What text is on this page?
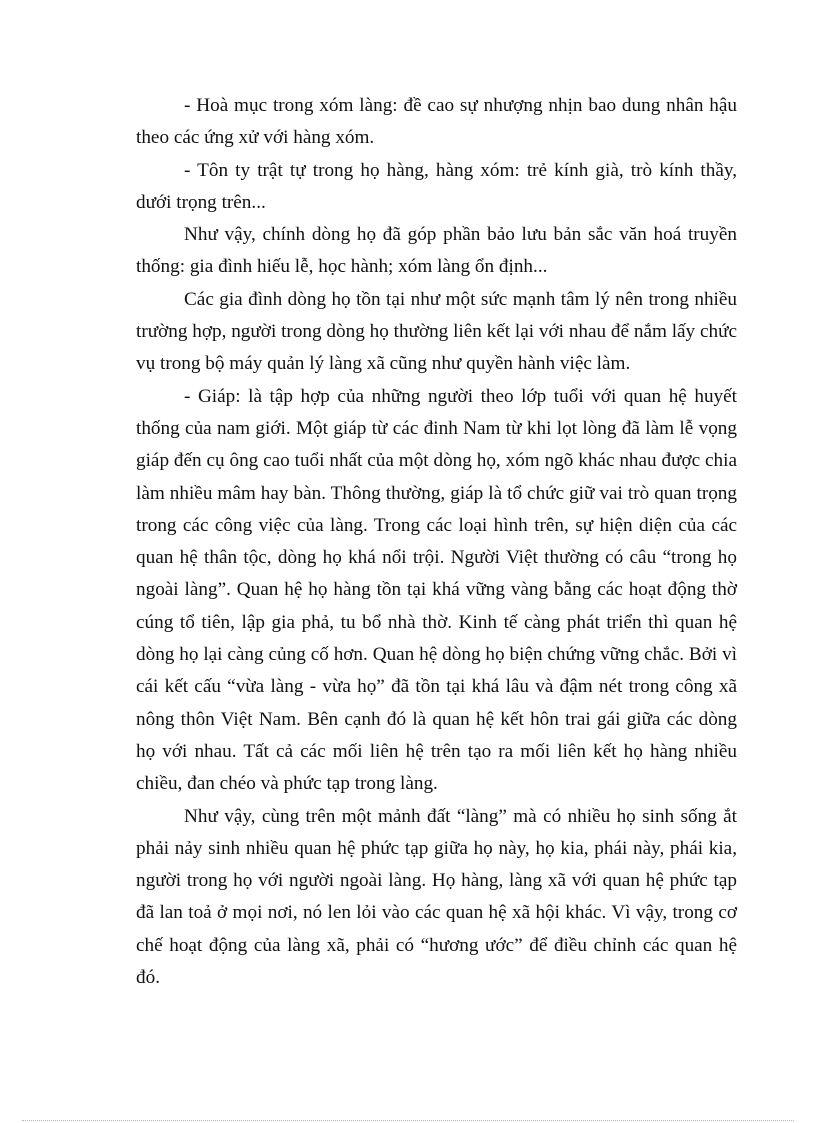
- Hoà mục trong xóm làng: đề cao sự nhượng nhịn bao dung nhân hậu theo các ứng xử với hàng xóm.

- Tôn ty trật tự trong họ hàng, hàng xóm: trẻ kính già, trò kính thầy, dưới trọng trên...

Như vậy, chính dòng họ đã góp phần bảo lưu bản sắc văn hoá truyền thống: gia đình hiếu lễ, học hành; xóm làng ổn định...

Các gia đình dòng họ tồn tại như một sức mạnh tâm lý nên trong nhiều trường hợp, người trong dòng họ thường liên kết lại với nhau để nắm lấy chức vụ trong bộ máy quản lý làng xã cũng như quyền hành việc làm.

- Giáp: là tập hợp của những người theo lớp tuổi với quan hệ huyết thống của nam giới. Một giáp từ các đinh Nam từ khi lọt lòng đã làm lễ vọng giáp đến cụ ông cao tuổi nhất của một dòng họ, xóm ngõ khác nhau được chia làm nhiều mâm hay bàn. Thông thường, giáp là tổ chức giữ vai trò quan trọng trong các công việc của làng. Trong các loại hình trên, sự hiện diện của các quan hệ thân tộc, dòng họ khá nổi trội. Người Việt thường có câu “trong họ ngoài làng”. Quan hệ họ hàng tồn tại khá vững vàng bằng các hoạt động thờ cúng tổ tiên, lập gia phả, tu bổ nhà thờ. Kinh tế càng phát triển thì quan hệ dòng họ lại càng củng cố hơn. Quan hệ dòng họ biện chứng vững chắc. Bởi vì cái kết cấu “vừa làng - vừa họ” đã tồn tại khá lâu và đậm nét trong công xã nông thôn Việt Nam. Bên cạnh đó là quan hệ kết hôn trai gái giữa các dòng họ với nhau. Tất cả các mối liên hệ trên tạo ra mối liên kết họ hàng nhiều chiều, đan chéo và phức tạp trong làng.

Như vậy, cùng trên một mảnh đất “làng” mà có nhiều họ sinh sống ắt phải nảy sinh nhiều quan hệ phức tạp giữa họ này, họ kia, phái này, phái kia, người trong họ với người ngoài làng. Họ hàng, làng xã với quan hệ phức tạp đã lan toả ở mọi nơi, nó len lỏi vào các quan hệ xã hội khác. Vì vậy, trong cơ chế hoạt động của làng xã, phải có “hương ước” để điều chỉnh các quan hệ đó.
